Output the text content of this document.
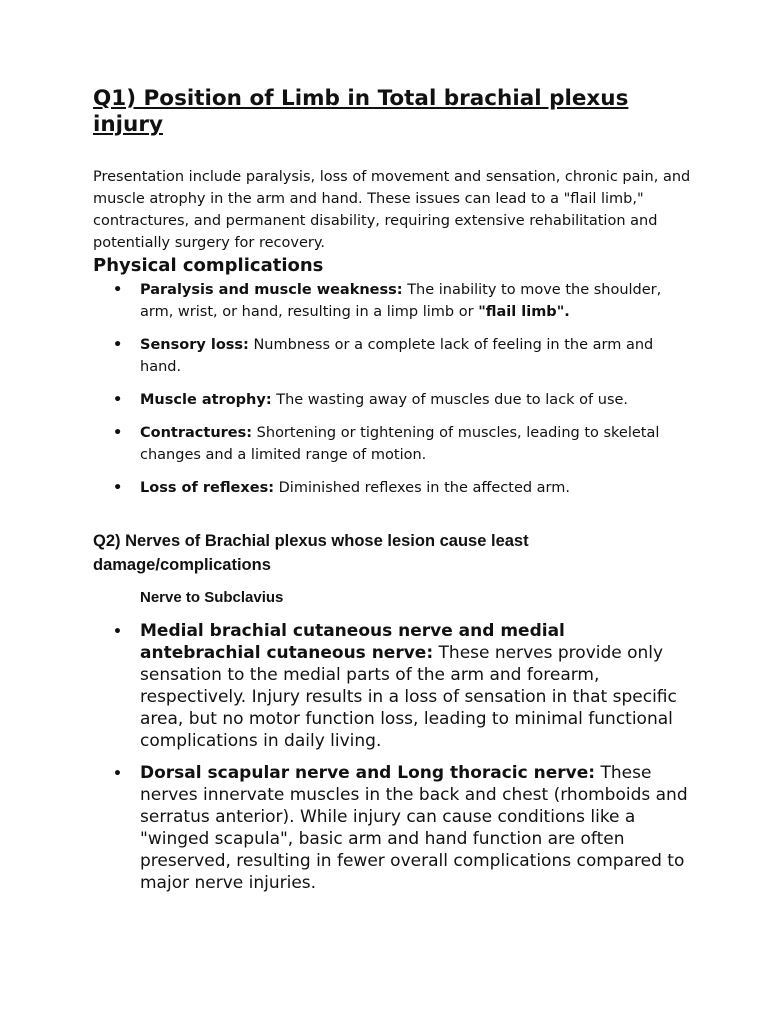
Q1) Position of Limb in Total brachial plexus injury

Presentation include paralysis, loss of movement and sensation, chronic pain, and muscle atrophy in the arm and hand. These issues can lead to a "flail limb," contractures, and permanent disability, requiring extensive rehabilitation and potentially surgery for recovery.

Physical complications
• Paralysis and muscle weakness: The inability to move the shoulder, arm, wrist, or hand, resulting in a limp limb or "flail limb".
• Sensory loss: Numbness or a complete lack of feeling in the arm and hand.
• Muscle atrophy: The wasting away of muscles due to lack of use.
• Contractures: Shortening or tightening of muscles, leading to skeletal changes and a limited range of motion.
• Loss of reflexes: Diminished reflexes in the affected arm.
Q2) Nerves of Brachial plexus whose lesion cause least damage/complications

Nerve to Subclavius

• Medial brachial cutaneous nerve and medial antebrachial cutaneous nerve: These nerves provide only sensation to the medial parts of the arm and forearm, respectively. Injury results in a loss of sensation in that specific area, but no motor function loss, leading to minimal functional complications in daily living.
• Dorsal scapular nerve and Long thoracic nerve: These nerves innervate muscles in the back and chest (rhomboids and serratus anterior). While injury can cause conditions like a "winged scapula", basic arm and hand function are often preserved, resulting in fewer overall complications compared to major nerve injuries.
